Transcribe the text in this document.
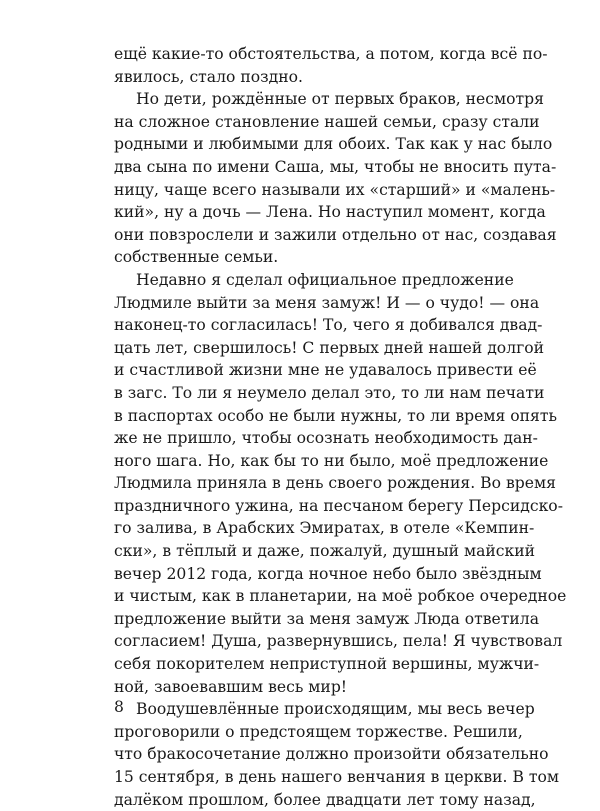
ещё какие-то обстоятельства, а потом, когда всё по-
явилось, стало поздно.
Но дети, рождённые от первых браков, несмотря
на сложное становление нашей семьи, сразу стали
родными и любимыми для обоих. Так как у нас было
два сына по имени Саша, мы, чтобы не вносить пута-
ницу, чаще всего называли их «старший» и «малень-
кий», ну а дочь — Лена. Но наступил момент, когда
они повзрослели и зажили отдельно от нас, создавая
собственные семьи.
Недавно я сделал официальное предложение
Людмиле выйти за меня замуж! И — о чудо! — она
наконец-то согласилась! То, чего я добивался двад-
цать лет, свершилось! С первых дней нашей долгой
и счастливой жизни мне не удавалось привести её
в загс. То ли я неумело делал это, то ли нам печати
в паспортах особо не были нужны, то ли время опять
же не пришло, чтобы осознать необходимость дан-
ного шага. Но, как бы то ни было, моё предложение
Людмила приняла в день своего рождения. Во время
праздничного ужина, на песчаном берегу Персидско-
го залива, в Арабских Эмиратах, в отеле «Кемпин-
ски», в тёплый и даже, пожалуй, душный майский
вечер 2012 года, когда ночное небо было звёздным
и чистым, как в планетарии, на моё робкое очередное
предложение выйти за меня замуж Люда ответила
согласием! Душа, развернувшись, пела! Я чувствовал
себя покорителем неприступной вершины, мужчи-
ной, завоевавшим весь мир!
Воодушевлённые происходящим, мы весь вечер
проговорили о предстоящем торжестве. Решили,
что бракосочетание должно произойти обязательно
15 сентября, в день нашего венчания в церкви. В том
далёком прошлом, более двадцати лет тому назад,
8
